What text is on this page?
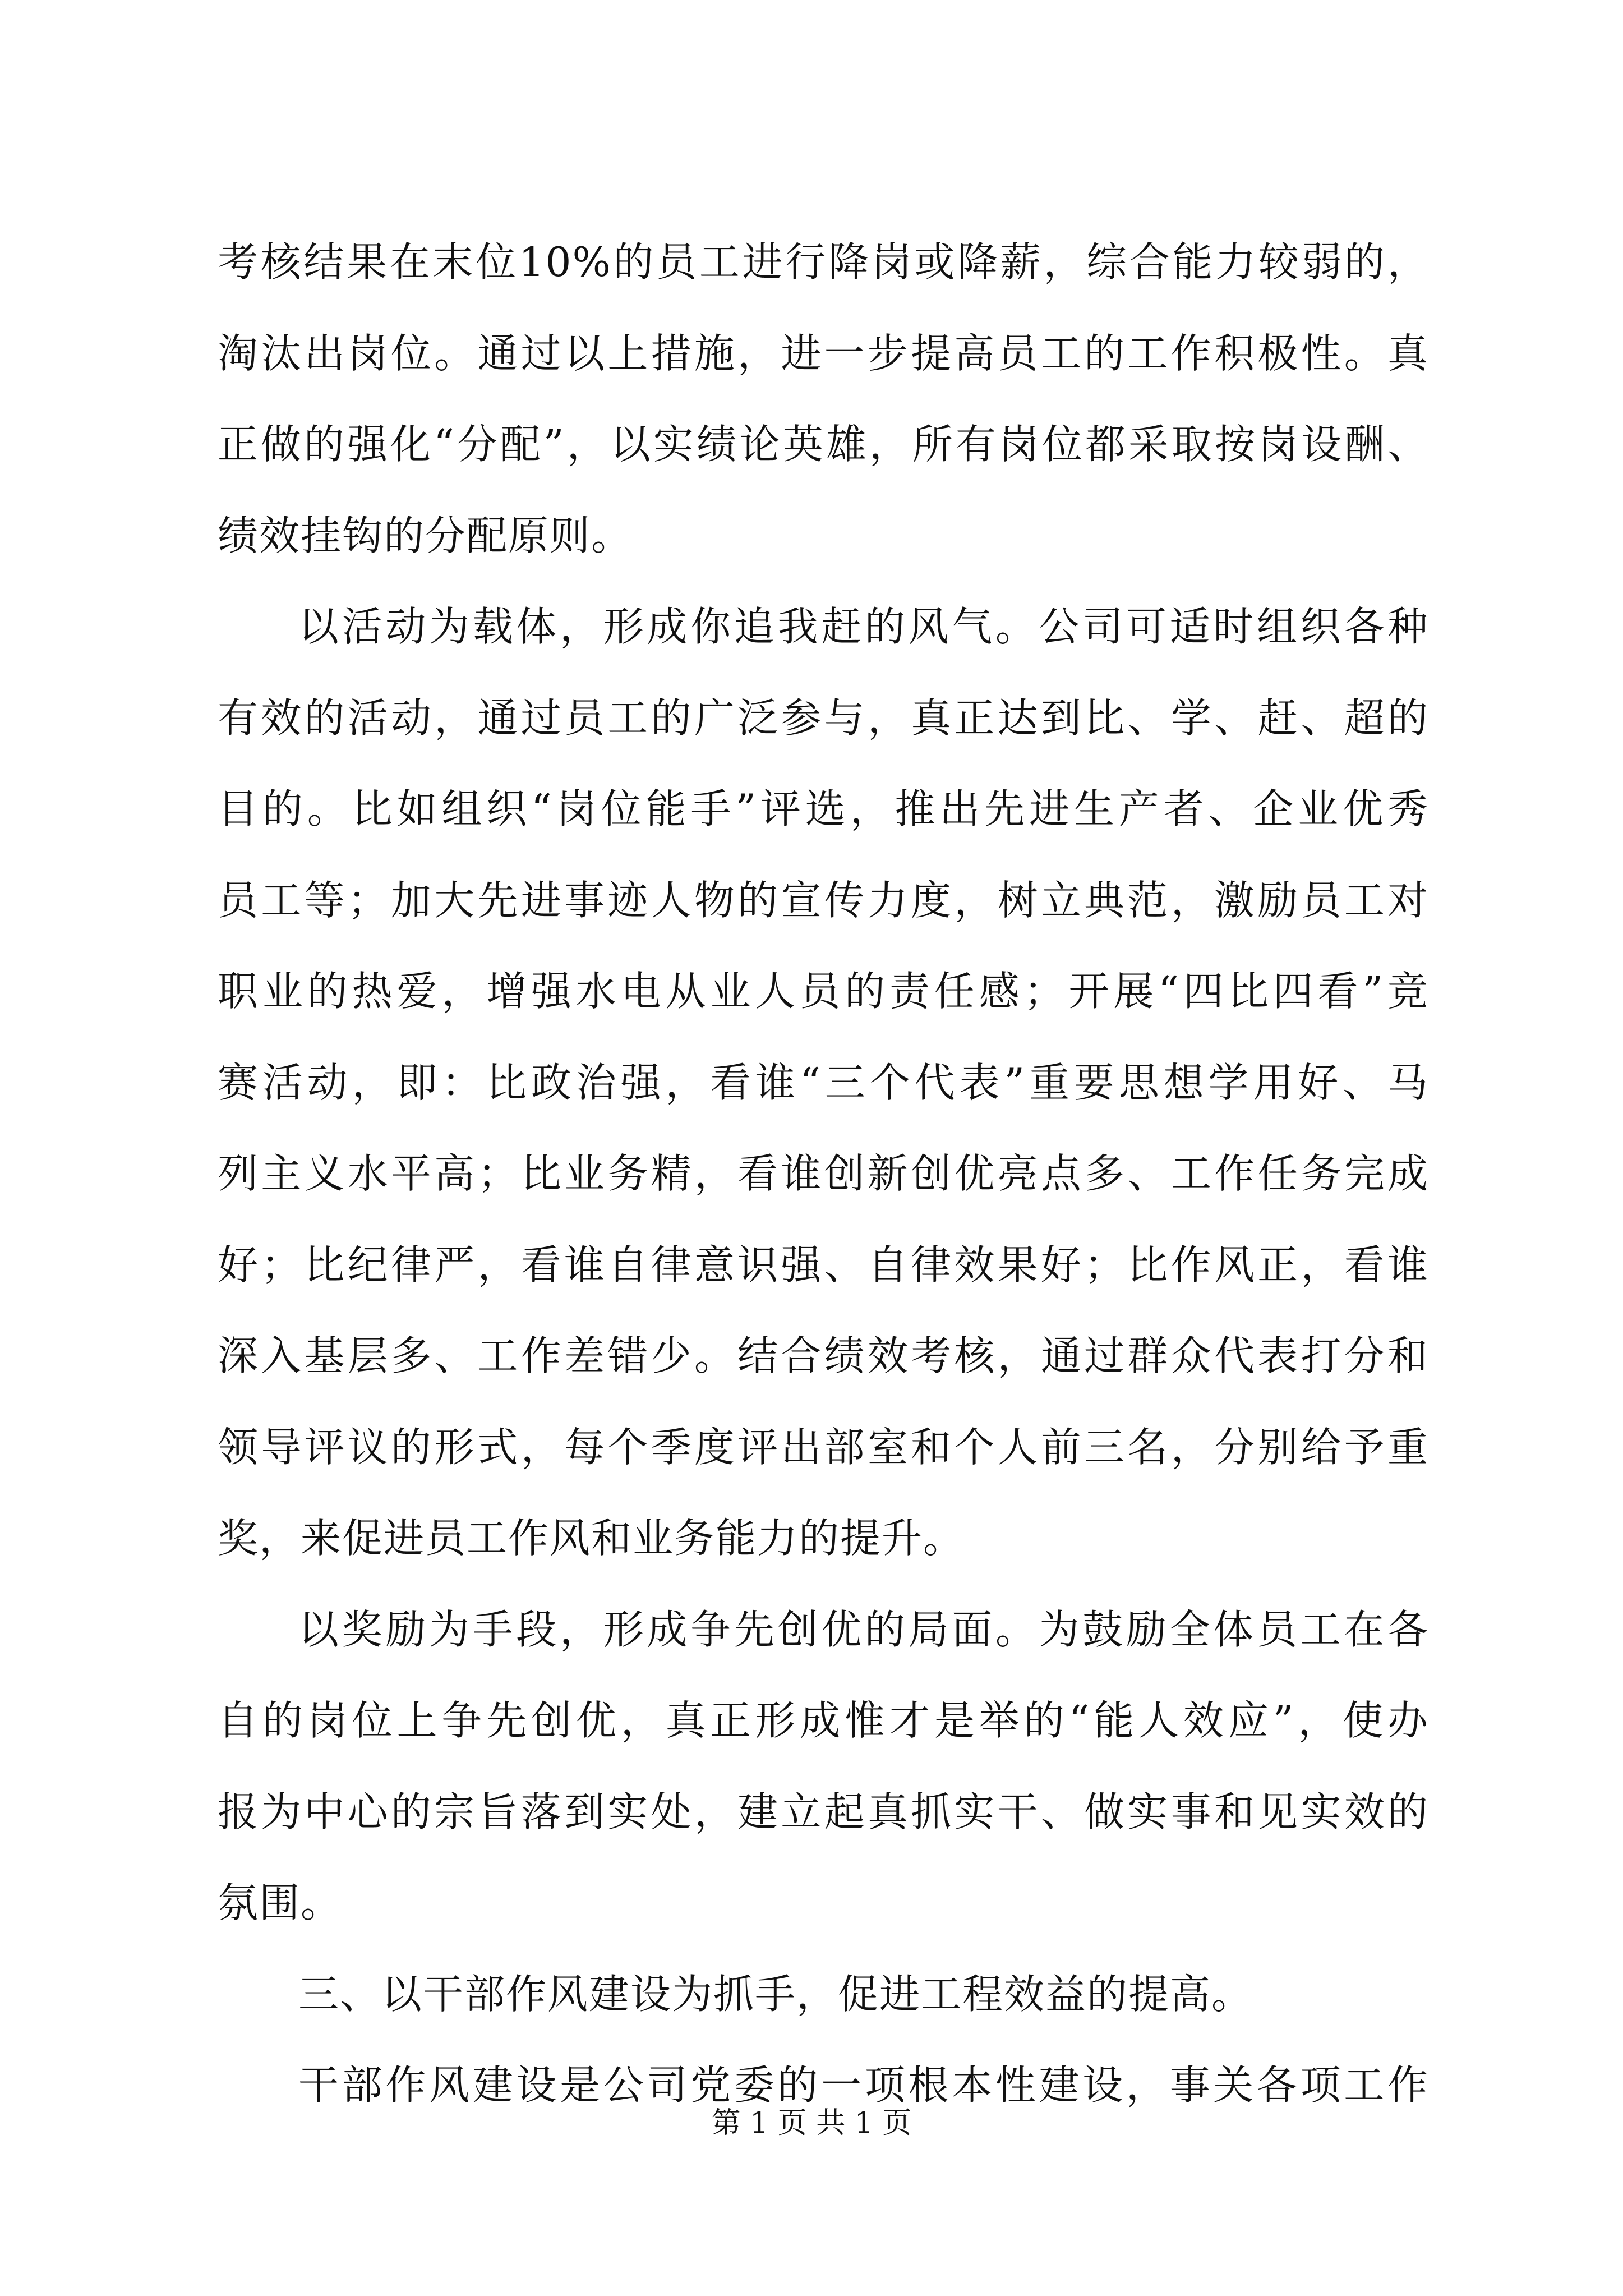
考核结果在末位10%的员工进行降岗或降薪，综合能力较弱的，
淘汰出岗位。通过以上措施，进一步提高员工的工作积极性。真
正做的强化“分配”，以实绩论英雄，所有岗位都采取按岗设酬、
绩效挂钩的分配原则。
以活动为载体，形成你追我赶的风气。公司可适时组织各种
有效的活动，通过员工的广泛参与，真正达到比、学、赶、超的
目的。比如组织“岗位能手”评选，推出先进生产者、企业优秀
员工等；加大先进事迹人物的宣传力度，树立典范，激励员工对
职业的热爱，增强水电从业人员的责任感；开展“四比四看”竞
赛活动，即：比政治强，看谁“三个代表”重要思想学用好、马
列主义水平高；比业务精，看谁创新创优亮点多、工作任务完成
好；比纪律严，看谁自律意识强、自律效果好；比作风正，看谁
深入基层多、工作差错少。结合绩效考核，通过群众代表打分和
领导评议的形式，每个季度评出部室和个人前三名，分别给予重
奖，来促进员工作风和业务能力的提升。
以奖励为手段，形成争先创优的局面。为鼓励全体员工在各
自的岗位上争先创优，真正形成惟才是举的“能人效应”，使办
报为中心的宗旨落到实处，建立起真抓实干、做实事和见实效的
氛围。
三、以干部作风建设为抓手，促进工程效益的提高。
干部作风建设是公司党委的一项根本性建设，事关各项工作
第 1 页 共 1 页
